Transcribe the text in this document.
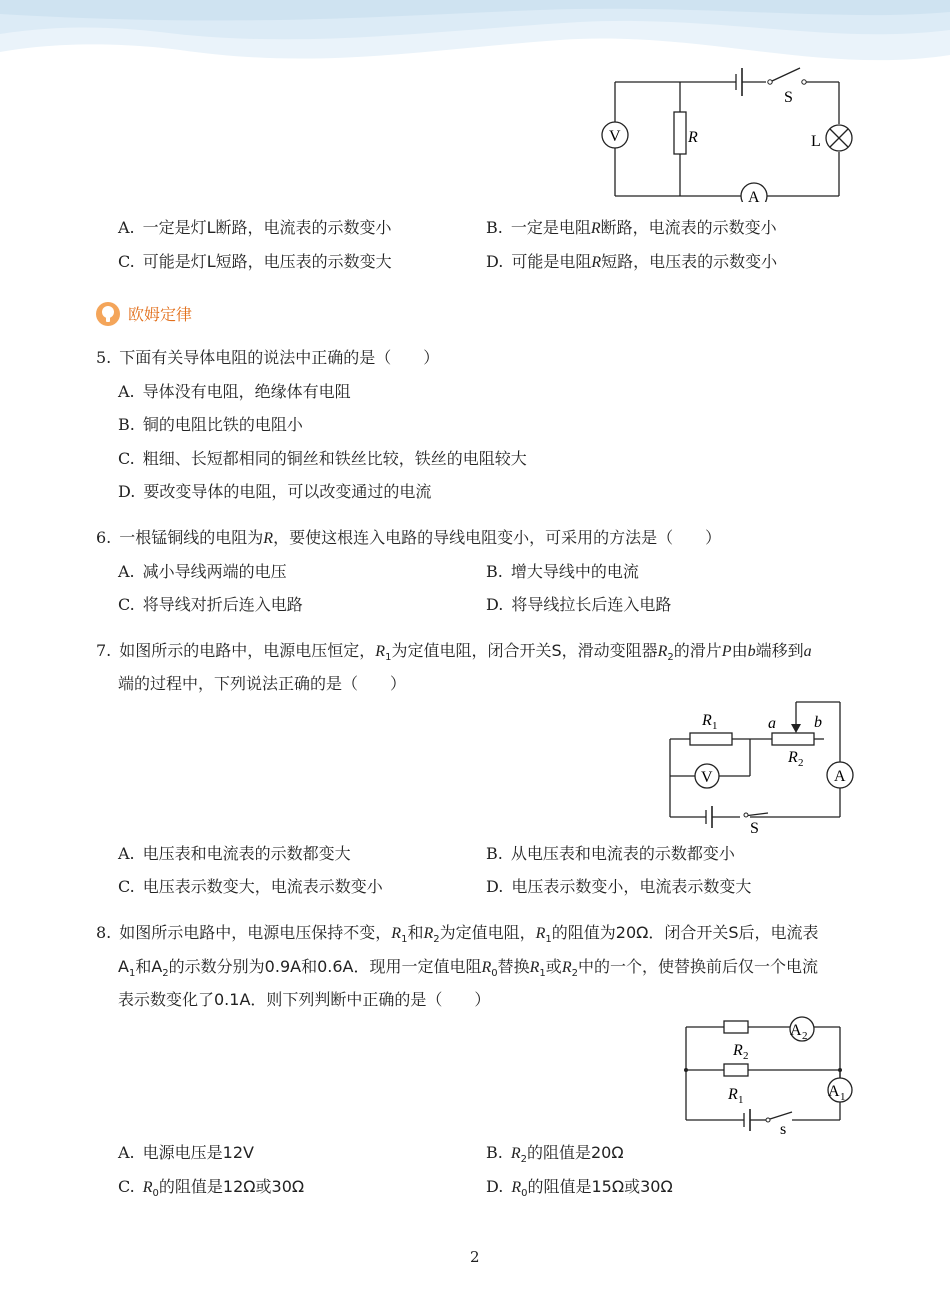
V
A
R
S
L
A. 一定是灯L断路，电流表的示数变小	B. 一定是电阻R断路，电流表的示数变小
C. 可能是灯L短路，电压表的示数变大	D. 可能是电阻R短路，电压表的示数变小
欧姆定律
5. 下面有关导体电阻的说法中正确的是（　　）
A. 导体没有电阻，绝缘体有电阻
B. 铜的电阻比铁的电阻小
C. 粗细、长短都相同的铜丝和铁丝比较，铁丝的电阻较大
D. 要改变导体的电阻，可以改变通过的电流
6. 一根锰铜线的电阻为R，要使这根连入电路的导线电阻变小，可采用的方法是（　　）
A. 减小导线两端的电压	B. 增大导线中的电流
C. 将导线对折后连入电路	D. 将导线拉长后连入电路
7. 如图所示的电路中，电源电压恒定，$R_1$为定值电阻，闭合开关S，滑动变阻器$R_2$的滑片P由b端移到a
端的过程中，下列说法正确的是（　　）
R 1	a b
R 2
V	A
S
A. 电压表和电流表的示数都变大	B. 从电压表和电流表的示数都变小
C. 电压表示数变大，电流表示数变小	D. 电压表示数变小，电流表示数变大
8. 如图所示电路中，电源电压保持不变，$R_1$和$R_2$为定值电阻，$R_1$的阻值为20Ω．闭合开关S后，电流表
$A_1$和$A_2$的示数分别为0.9A和0.6A．现用一定值电阻$R_0$替换$R_1$或$R_2$中的一个，使替换前后仅一个电流
表示数变化了0.1A．则下列判断中正确的是（　　）
A 2
R 2
R 1	A 1
s
A. 电源电压是12V	B. $R_2$的阻值是20Ω
C. $R_0$的阻值是12Ω或30Ω	D. $R_0$的阻值是15Ω或30Ω
2
